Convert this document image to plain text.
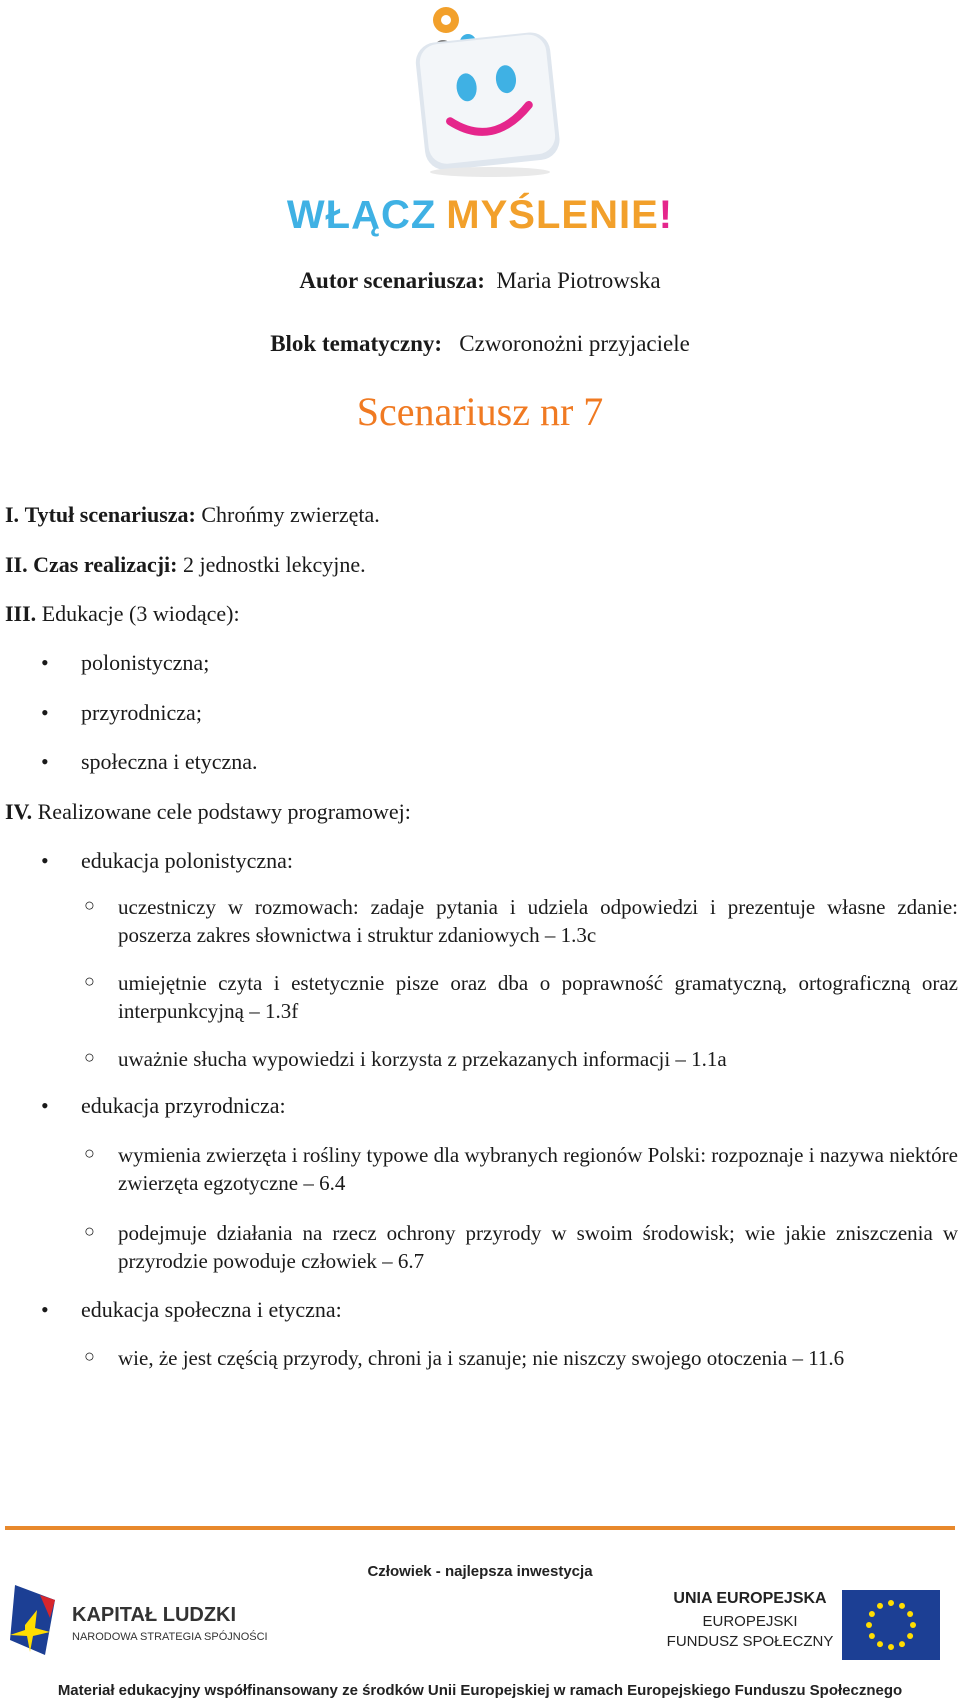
WŁĄCZ MYŚLENIE!
Autor scenariusza: Maria Piotrowska
Blok tematyczny: Czworonożni przyjaciele
Scenariusz nr 7
I. Tytuł scenariusza: Chrońmy zwierzęta.
II. Czas realizacji: 2 jednostki lekcyjne.
III. Edukacje (3 wiodące):
• polonistyczna;
• przyrodnicza;
• społeczna i etyczna.
IV. Realizowane cele podstawy programowej:
• edukacja polonistyczna:
○ uczestniczy w rozmowach: zadaje pytania i udziela odpowiedzi i prezentuje własne zdanie: poszerza zakres słownictwa i struktur zdaniowych – 1.3c
○ umiejętnie czyta i estetycznie pisze oraz dba o poprawność gramatyczną, ortograficzną oraz interpunkcyjną – 1.3f
○ uważnie słucha wypowiedzi i korzysta z przekazanych informacji – 1.1a
• edukacja przyrodnicza:
○ wymienia zwierzęta i rośliny typowe dla wybranych regionów Polski: rozpoznaje i nazywa niektóre zwierzęta egzotyczne – 6.4
○ podejmuje działania na rzecz ochrony przyrody w swoim środowisk; wie jakie zniszczenia w przyrodzie powoduje człowiek – 6.7
• edukacja społeczna i etyczna:
○ wie, że jest częścią przyrody, chroni ja i szanuje; nie niszczy swojego otoczenia – 11.6
Człowiek - najlepsza inwestycja
KAPITAŁ LUDZKI
NARODOWA STRATEGIA SPÓJNOŚCI
UNIA EUROPEJSKA
EUROPEJSKI
FUNDUSZ SPOŁECZNY
Materiał edukacyjny współfinansowany ze środków Unii Europejskiej w ramach Europejskiego Funduszu Społecznego
